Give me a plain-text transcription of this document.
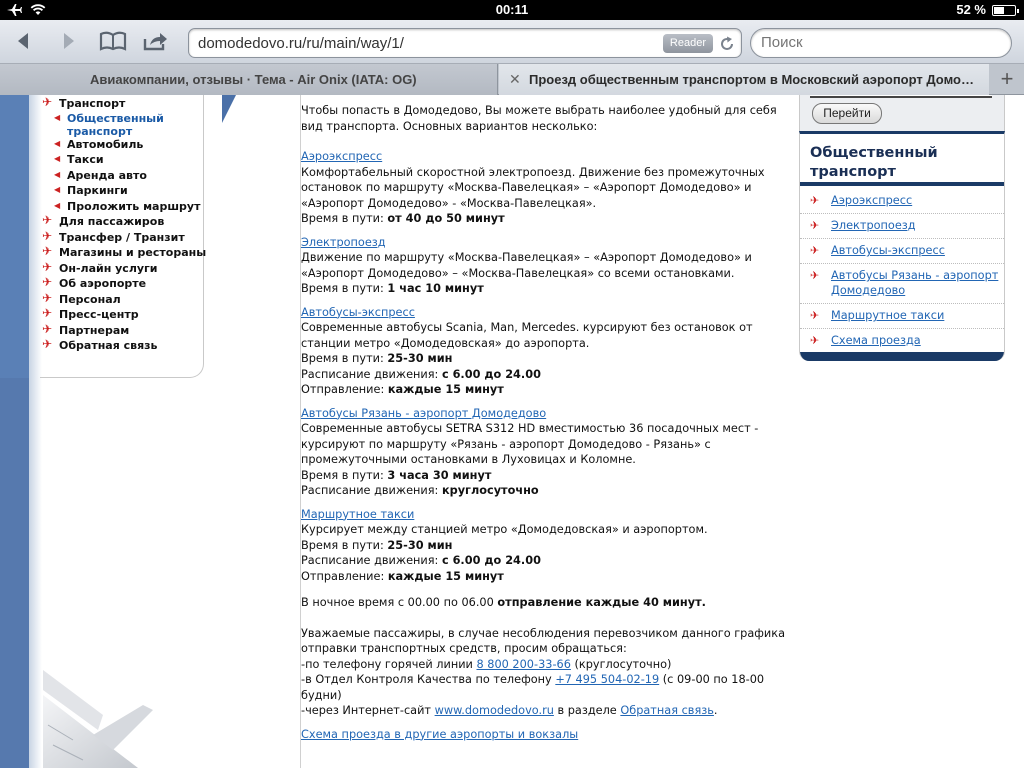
00:11	52 %
domodedovo.ru/ru/main/way/1/	Reader
Поиск
Авиакомпании, отзывы · Тема - Air Onix (IATA: OG)	✕ Проезд общественным транспортом в Московский аэропорт Домо…	+
✈ Транспорт
◀ Общественный транспорт
◀ Автомобиль
◀ Такси
◀ Аренда авто
◀ Паркинги
◀ Проложить маршрут
✈ Для пассажиров
✈ Трансфер / Транзит
✈ Магазины и рестораны
✈ Он-лайн услуги
✈ Об аэропорте
✈ Персонал
✈ Пресс-центр
✈ Партнерам
✈ Обратная связь

Чтобы попасть в Домодедово, Вы можете выбрать наиболее удобный для себя

вид транспорта. Основных вариантов несколько:

Аэроэкспресс

Комфортабельный скоростной электропоезд. Движение без промежуточных

остановок по маршруту «Москва-Павелецкая» – «Аэропорт Домодедово» и

«Аэропорт Домодедово» - «Москва-Павелецкая».

Время в пути: от 40 до 50 минут

Электропоезд

Движение по маршруту «Москва-Павелецкая» – «Аэропорт Домодедово» и

«Аэропорт Домодедово» – «Москва-Павелецкая» со всеми остановками.

Время в пути: 1 час 10 минут

Автобусы-экспресс

Современные автобусы Scania, Man, Mercedes. курсируют без остановок от

станции метро «Домодедовская» до аэропорта.

Время в пути: 25-30 мин

Расписание движения: с 6.00 до 24.00

Отправление: каждые 15 минут

Автобусы Рязань - аэропорт Домодедово

Современные автобусы SETRA S312 HD вместимостью 36 посадочных мест -

курсируют по маршруту «Рязань - аэропорт Домодедово - Рязань» с

промежуточными остановками в Луховицах и Коломне.

Время в пути: 3 часа 30 минут

Расписание движения: круглосуточно

Маршрутное такси

Курсирует между станцией метро «Домодедовская» и аэропортом.

Время в пути: 25-30 мин

Расписание движения: с 6.00 до 24.00

Отправление: каждые 15 минут

В ночное время с 00.00 по 06.00 отправление каждые 40 минут.

Уважаемые пассажиры, в случае несоблюдения перевозчиком данного графика

отправки транспортных средств, просим обращаться:

-по телефону горячей линии 8 800 200-33-66 (круглосуточно)

-в Отдел Контроля Качества по телефону +7 495 504-02-19 (с 09-00 по 18-00

будни)

-через Интернет-сайт www.domodedovo.ru в разделе Обратная связь.

Схема проезда в другие аэропорты и вокзалы

Перейти
Общественный транспорт
✈ Аэроэкспресс
✈ Электропоезд
✈ Автобусы-экспресс
✈ Автобусы Рязань - аэропорт Домодедово
✈ Маршрутное такси
✈ Схема проезда
